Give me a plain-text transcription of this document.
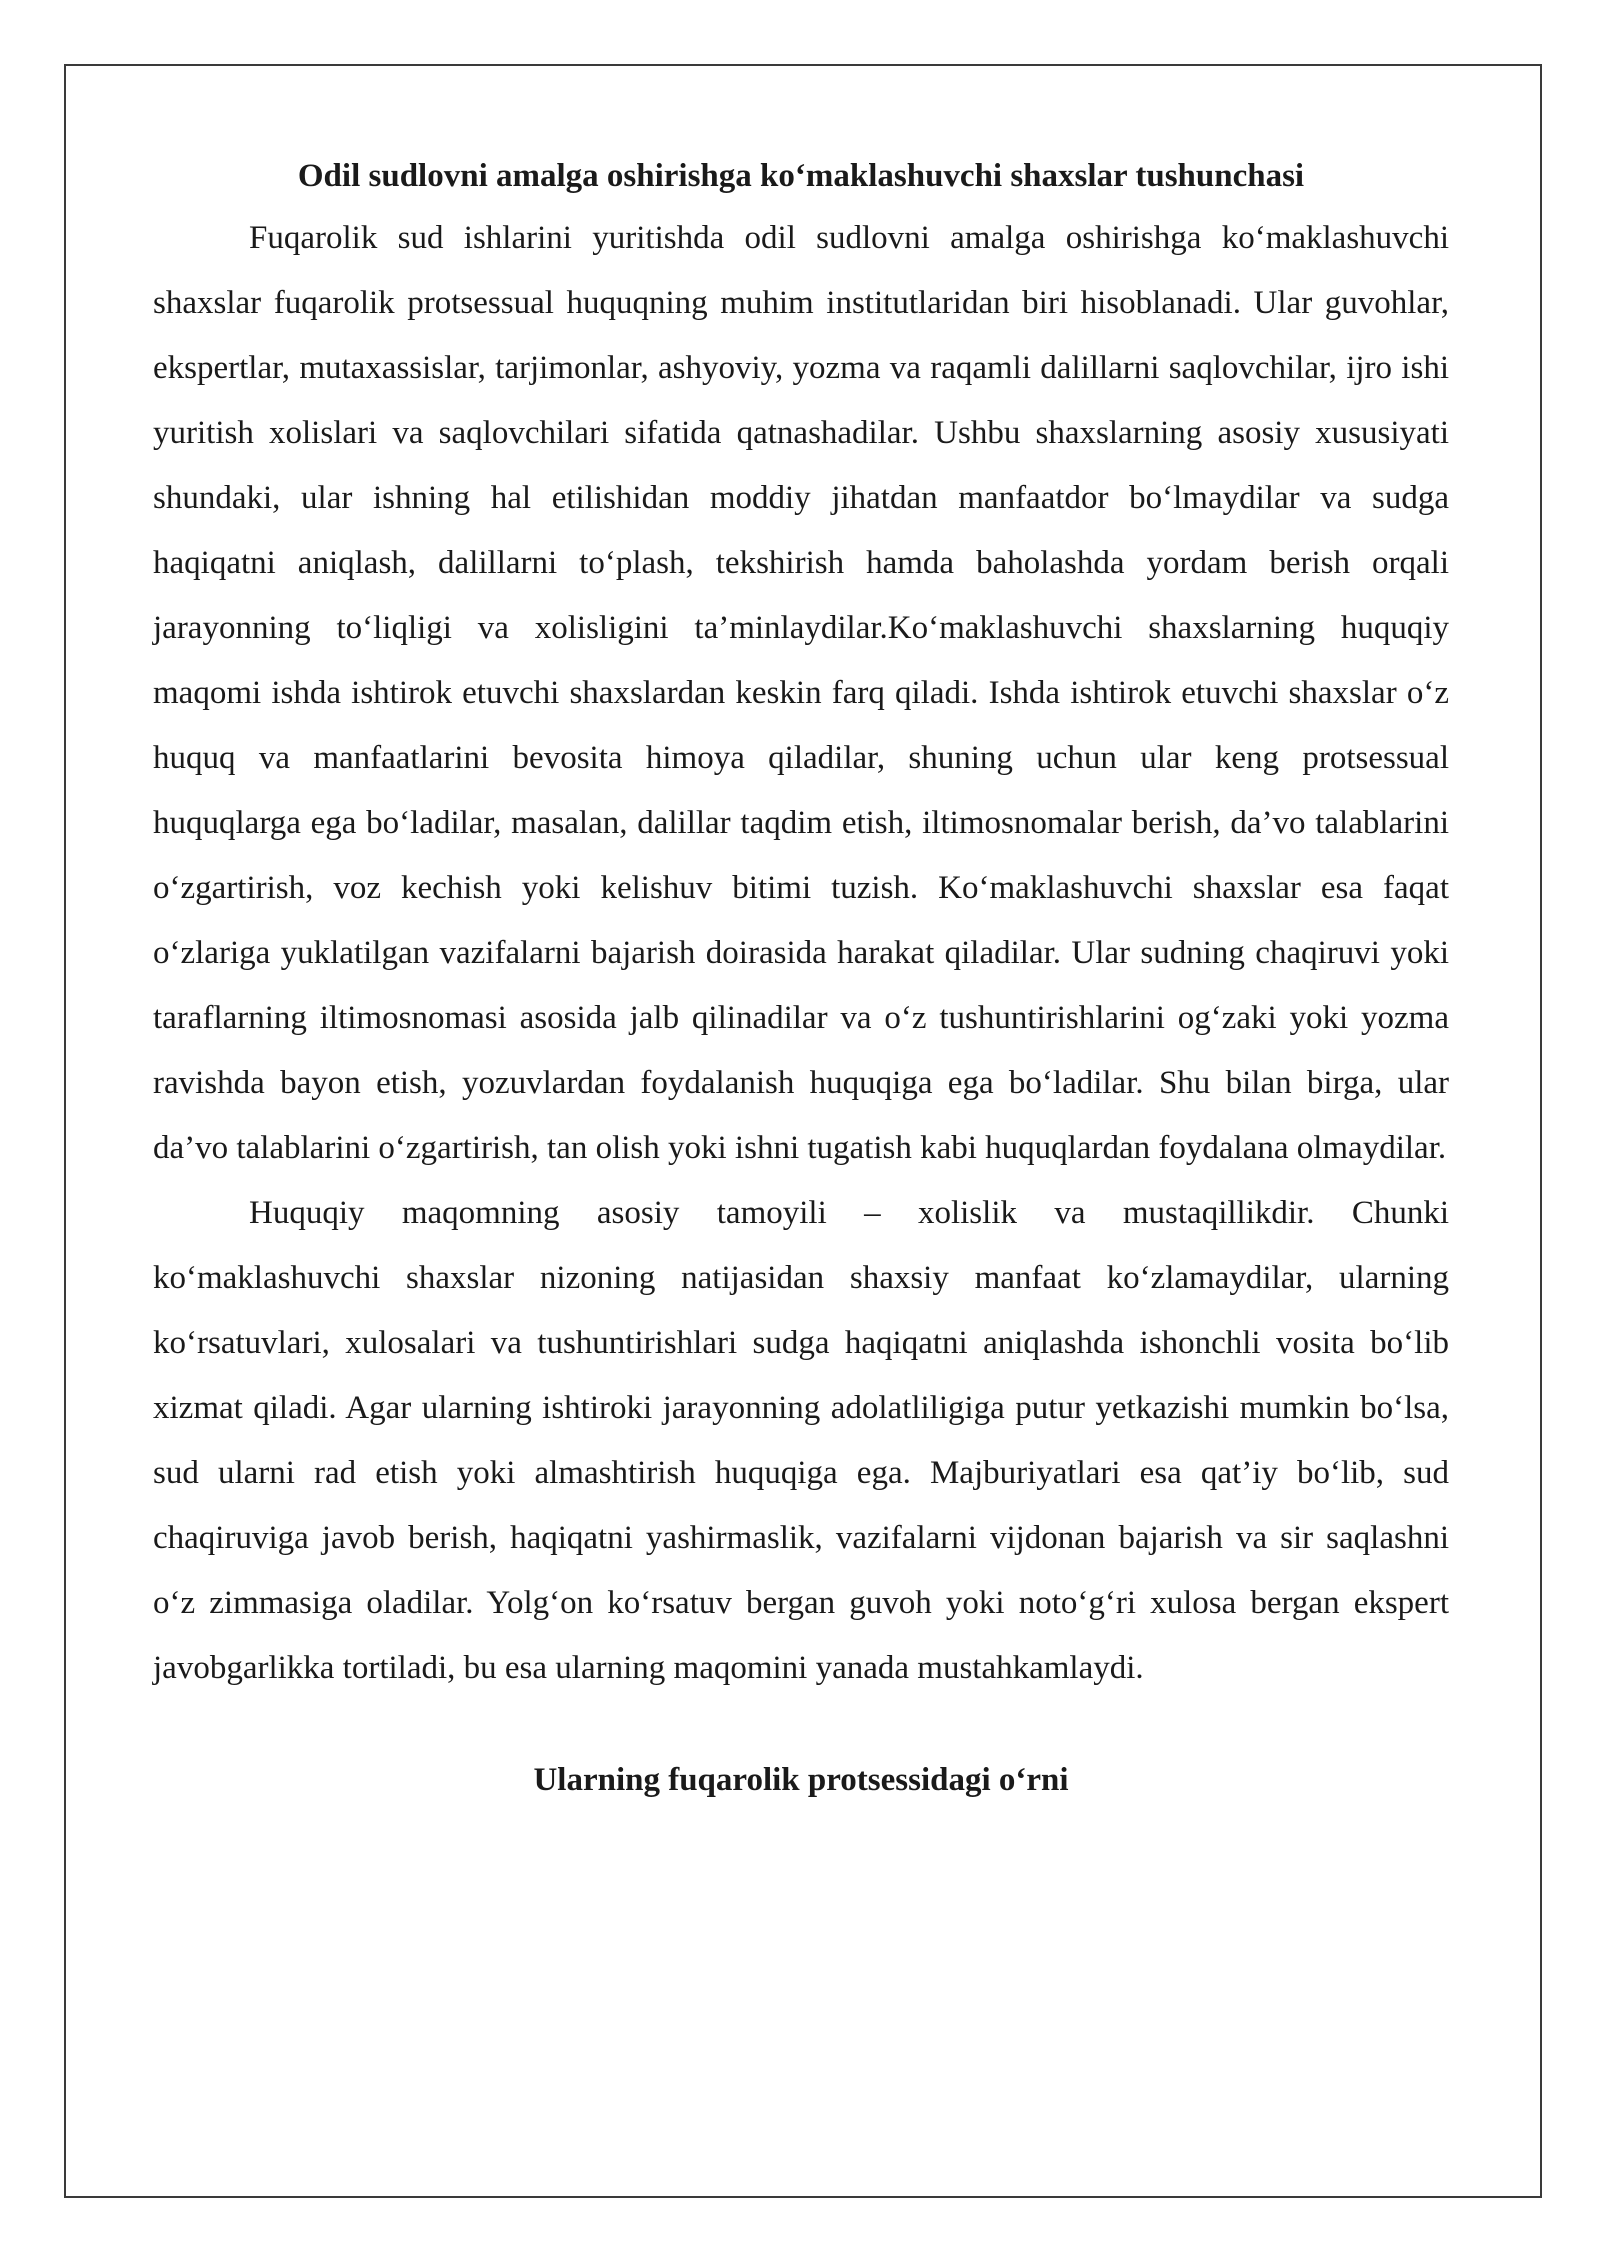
Odil sudlovni amalga oshirishga ko‘maklashuvchi shaxslar tushunchasi

Fuqarolik sud ishlarini yuritishda odil sudlovni amalga oshirishga ko‘maklashuvchi shaxslar fuqarolik protsessual huquqning muhim institutlaridan biri hisoblanadi. Ular guvohlar, ekspertlar, mutaxassislar, tarjimonlar, ashyoviy, yozma va raqamli dalillarni saqlovchilar, ijro ishi yuritish xolislari va saqlovchilari sifatida qatnashadilar. Ushbu shaxslarning asosiy xususiyati shundaki, ular ishning hal etilishidan moddiy jihatdan manfaatdor bo‘lmaydilar va sudga haqiqatni aniqlash, dalillarni to‘plash, tekshirish hamda baholashda yordam berish orqali jarayonning to‘liqligi va xolisligini ta’minlaydilar.Ko‘maklashuvchi shaxslarning huquqiy maqomi ishda ishtirok etuvchi shaxslardan keskin farq qiladi. Ishda ishtirok etuvchi shaxslar o‘z huquq va manfaatlarini bevosita himoya qiladilar, shuning uchun ular keng protsessual huquqlarga ega bo‘ladilar, masalan, dalillar taqdim etish, iltimosnomalar berish, da’vo talablarini o‘zgartirish, voz kechish yoki kelishuv bitimi tuzish. Ko‘maklashuvchi shaxslar esa faqat o‘zlariga yuklatilgan vazifalarni bajarish doirasida harakat qiladilar. Ular sudning chaqiruvi yoki taraflarning iltimosnomasi asosida jalb qilinadilar va o‘z tushuntirishlarini og‘zaki yoki yozma ravishda bayon etish, yozuvlardan foydalanish huquqiga ega bo‘ladilar. Shu bilan birga, ular da’vo talablarini o‘zgartirish, tan olish yoki ishni tugatish kabi huquqlardan foydalana olmaydilar.

Huquqiy maqomning asosiy tamoyili – xolislik va mustaqillikdir. Chunki ko‘maklashuvchi shaxslar nizoning natijasidan shaxsiy manfaat ko‘zlamaydilar, ularning ko‘rsatuvlari, xulosalari va tushuntirishlari sudga haqiqatni aniqlashda ishonchli vosita bo‘lib xizmat qiladi. Agar ularning ishtiroki jarayonning adolatliligiga putur yetkazishi mumkin bo‘lsa, sud ularni rad etish yoki almashtirish huquqiga ega. Majburiyatlari esa qat’iy bo‘lib, sud chaqiruviga javob berish, haqiqatni yashirmaslik, vazifalarni vijdonan bajarish va sir saqlashni o‘z zimmasiga oladilar. Yolg‘on ko‘rsatuv bergan guvoh yoki noto‘g‘ri xulosa bergan ekspert javobgarlikka tortiladi, bu esa ularning maqomini yanada mustahkamlaydi.

Ularning fuqarolik protsessidagi o‘rni
